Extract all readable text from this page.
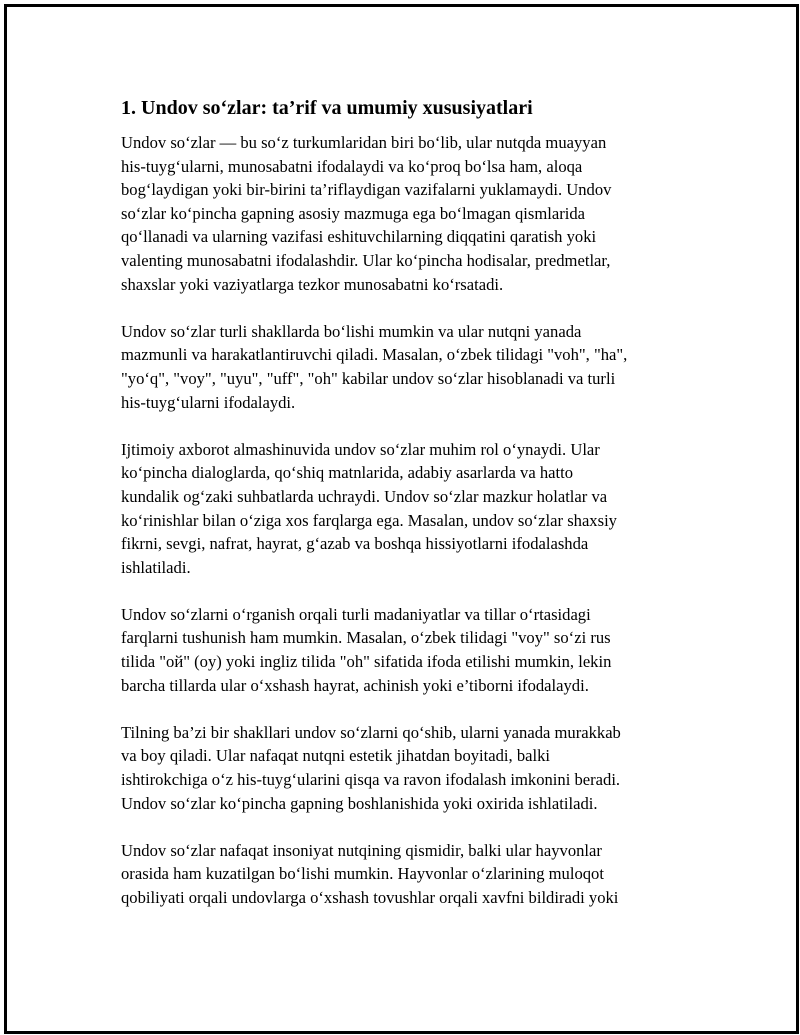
1. Undov so‘zlar: ta’rif va umumiy xususiyatlari

Undov so‘zlar — bu so‘z turkumlaridan biri bo‘lib, ular nutqda muayyan
his-tuyg‘ularni, munosabatni ifodalaydi va ko‘proq bo‘lsa ham, aloqa
bog‘laydigan yoki bir-birini ta’riflaydigan vazifalarni yuklamaydi. Undov
so‘zlar ko‘pincha gapning asosiy mazmuga ega bo‘lmagan qismlarida
qo‘llanadi va ularning vazifasi eshituvchilarning diqqatini qaratish yoki
valenting munosabatni ifodalashdir. Ular ko‘pincha hodisalar, predmetlar,
shaxslar yoki vaziyatlarga tezkor munosabatni ko‘rsatadi.

Undov so‘zlar turli shakllarda bo‘lishi mumkin va ular nutqni yanada
mazmunli va harakatlantiruvchi qiladi. Masalan, o‘zbek tilidagi "voh", "ha",
"yo‘q", "voy", "uyu", "uff", "oh" kabilar undov so‘zlar hisoblanadi va turli
his-tuyg‘ularni ifodalaydi.

Ijtimoiy axborot almashinuvida undov so‘zlar muhim rol o‘ynaydi. Ular
ko‘pincha dialoglarda, qo‘shiq matnlarida, adabiy asarlarda va hatto
kundalik og‘zaki suhbatlarda uchraydi. Undov so‘zlar mazkur holatlar va
ko‘rinishlar bilan o‘ziga xos farqlarga ega. Masalan, undov so‘zlar shaxsiy
fikrni, sevgi, nafrat, hayrat, g‘azab va boshqa hissiyotlarni ifodalashda
ishlatiladi.

Undov so‘zlarni o‘rganish orqali turli madaniyatlar va tillar o‘rtasidagi
farqlarni tushunish ham mumkin. Masalan, o‘zbek tilidagi "voy" so‘zi rus
tilida "ой" (oy) yoki ingliz tilida "oh" sifatida ifoda etilishi mumkin, lekin
barcha tillarda ular o‘xshash hayrat, achinish yoki e’tiborni ifodalaydi.

Tilning ba’zi bir shakllari undov so‘zlarni qo‘shib, ularni yanada murakkab
va boy qiladi. Ular nafaqat nutqni estetik jihatdan boyitadi, balki
ishtirokchiga o‘z his-tuyg‘ularini qisqa va ravon ifodalash imkonini beradi.
Undov so‘zlar ko‘pincha gapning boshlanishida yoki oxirida ishlatiladi.

Undov so‘zlar nafaqat insoniyat nutqining qismidir, balki ular hayvonlar
orasida ham kuzatilgan bo‘lishi mumkin. Hayvonlar o‘zlarining muloqot
qobiliyati orqali undovlarga o‘xshash tovushlar orqali xavfni bildiradi yoki
